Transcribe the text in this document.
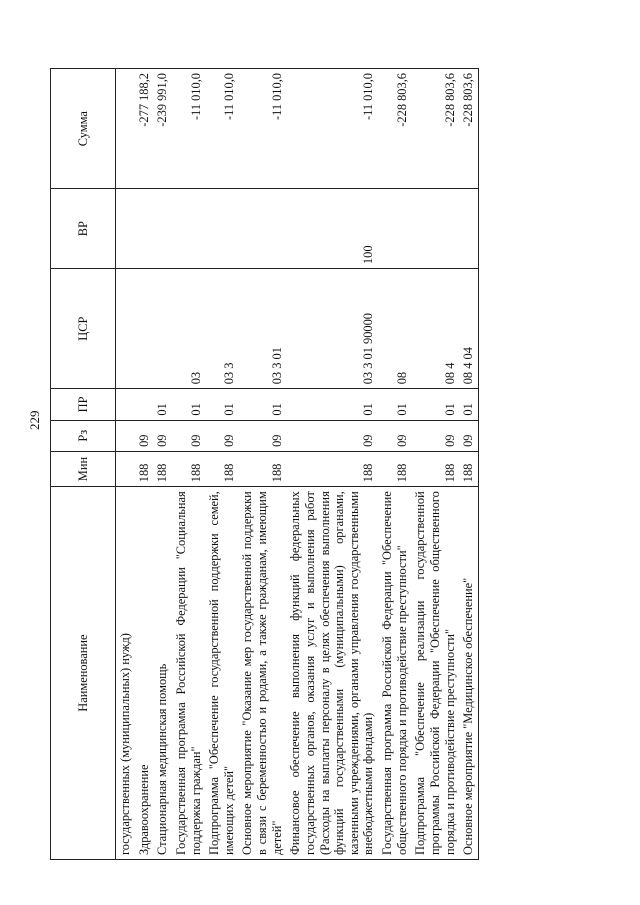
229
Наименование	Мин	Рз	ПР	ЦСР	ВР	Сумма
государственных (муниципальных) нужд)						
Здравоохранение	188	09				-277 188,2
Стационарная медицинская помощь	188	09	01			-239 991,0
Государственная программа Российской Федерации "Социальная поддержка граждан"	188	09	01	03		-11 010,0
Подпрограмма "Обеспечение государственной поддержки семей, имеющих детей"	188	09	01	03 3		-11 010,0
Основное мероприятие "Оказание мер государственной поддержки в связи с беременностью и родами, а также гражданам, имеющим детей"	188	09	01	03 3 01		-11 010,0
Финансовое обеспечение выполнения функций федеральных государственных органов, оказания услуг и выполнения работ (Расходы на выплаты персоналу в целях обеспечения выполнения функций государственными (муниципальными) органами, казенными учреждениями, органами управления государственными внебюджетными фондами)	188	09	01	03 3 01 90000	100	-11 010,0
Государственная программа Российской Федерации "Обеспечение общественного порядка и противодействие преступности"	188	09	01	08		-228 803,6
Подпрограмма "Обеспечение реализации государственной программы Российской Федерации "Обеспечение общественного порядка и противодействие преступности"	188	09	01	08 4		-228 803,6
Основное мероприятие "Медицинское обеспечение"	188	09	01	08 4 04		-228 803,6
